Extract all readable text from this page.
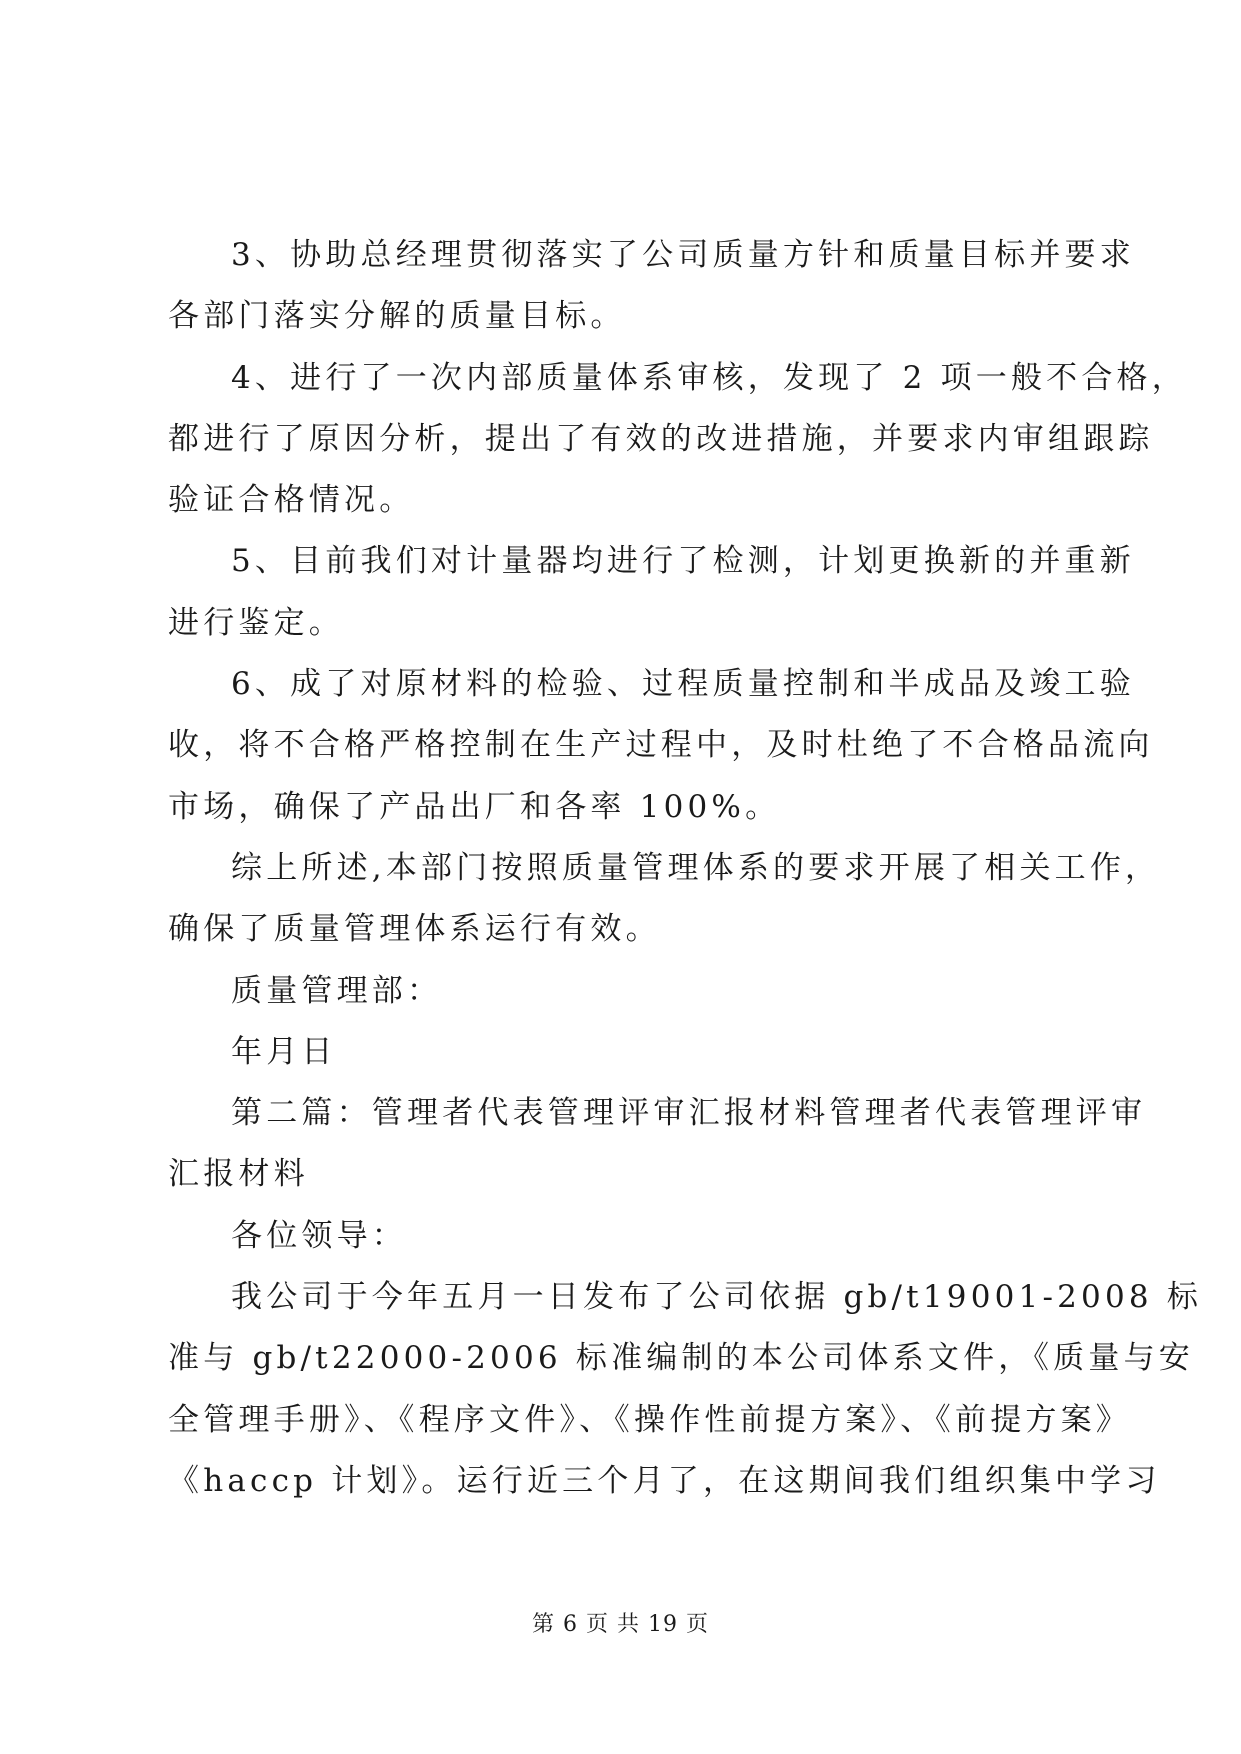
3、协助总经理贯彻落实了公司质量方针和质量目标并要求
各部门落实分解的质量目标。
4、进行了一次内部质量体系审核，发现了 2 项一般不合格，
都进行了原因分析，提出了有效的改进措施，并要求内审组跟踪
验证合格情况。
5、目前我们对计量器均进行了检测，计划更换新的并重新
进行鉴定。
6、成了对原材料的检验、过程质量控制和半成品及竣工验
收，将不合格严格控制在生产过程中，及时杜绝了不合格品流向
市场，确保了产品出厂和各率 100%。
综上所述,本部门按照质量管理体系的要求开展了相关工作，
确保了质量管理体系运行有效。
质量管理部：
年月日
第二篇：管理者代表管理评审汇报材料管理者代表管理评审
汇报材料
各位领导：
我公司于今年五月一日发布了公司依据 gb/t19001-2008 标
准与 gb/t22000-2006 标准编制的本公司体系文件，《质量与安
全管理手册》、《程序文件》、《操作性前提方案》、《前提方案》
《haccp 计划》。运行近三个月了，在这期间我们组织集中学习
第 6 页 共 19 页
